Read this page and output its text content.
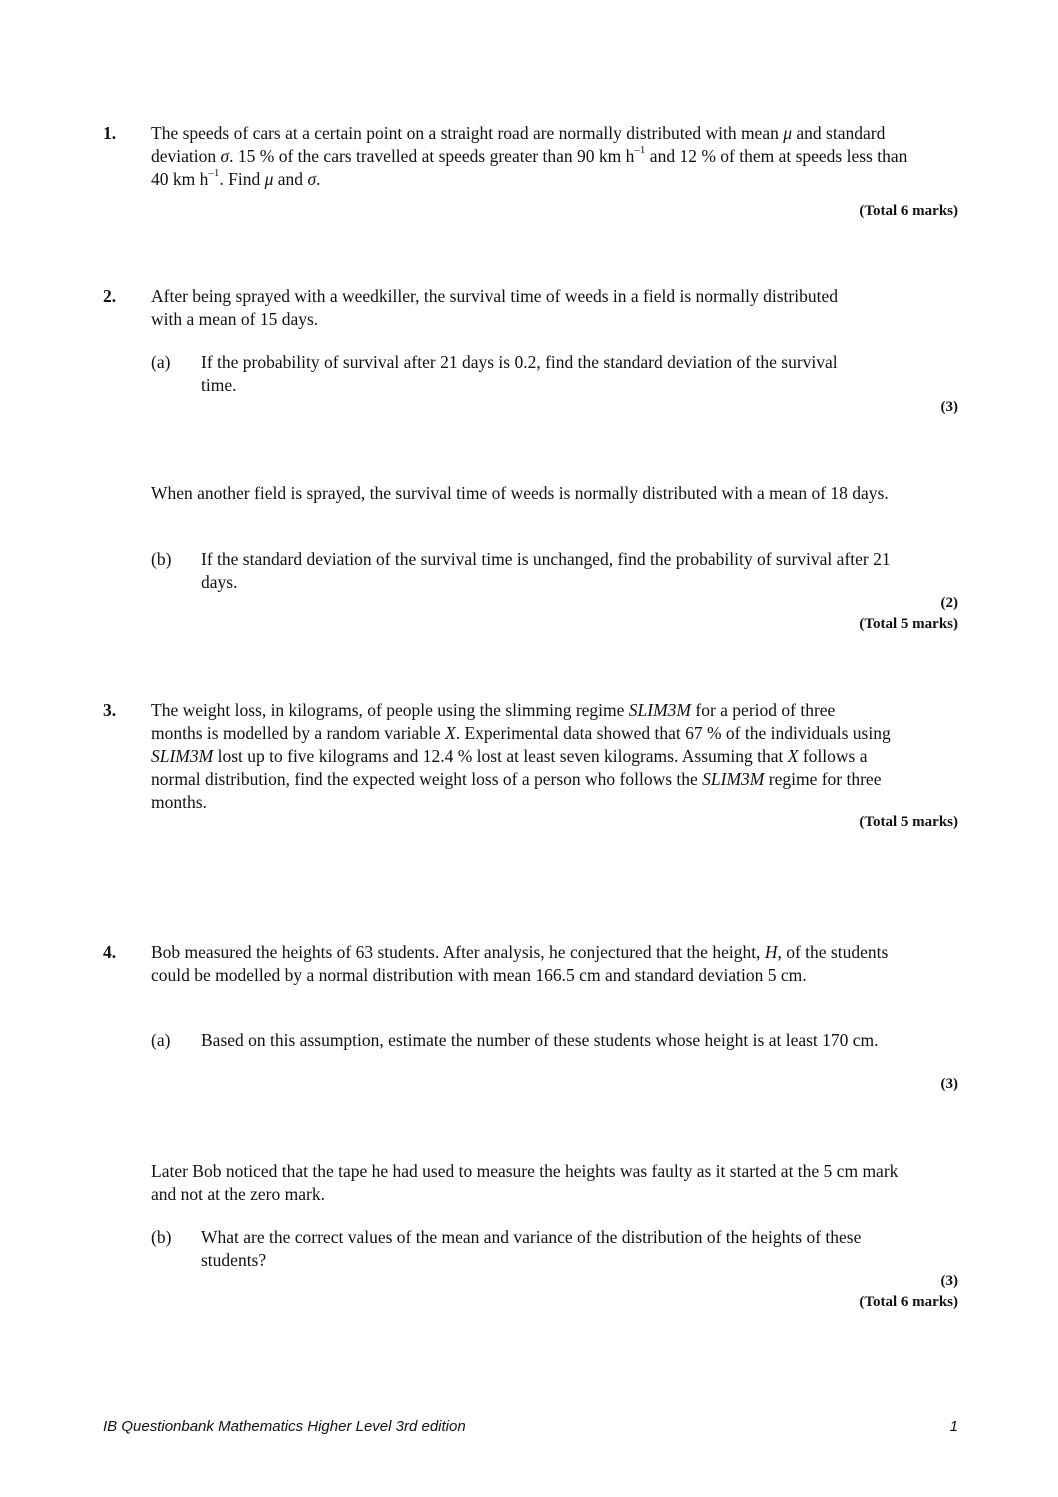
1. The speeds of cars at a certain point on a straight road are normally distributed with mean μ and standard deviation σ. 15 % of the cars travelled at speeds greater than 90 km $h^{-1}$ and 12 % of them at speeds less than 40 km $h^{-1}$. Find μ and σ.
(Total 6 marks)
2. After being sprayed with a weedkiller, the survival time of weeds in a field is normally distributed with a mean of 15 days.
(a) If the probability of survival after 21 days is 0.2, find the standard deviation of the survival time.
(3)
When another field is sprayed, the survival time of weeds is normally distributed with a mean of 18 days.
(b) If the standard deviation of the survival time is unchanged, find the probability of survival after 21 days.
(2)
(Total 5 marks)
3. The weight loss, in kilograms, of people using the slimming regime SLIM3M for a period of three months is modelled by a random variable X. Experimental data showed that 67 % of the individuals using SLIM3M lost up to five kilograms and 12.4 % lost at least seven kilograms. Assuming that X follows a normal distribution, find the expected weight loss of a person who follows the SLIM3M regime for three months.
(Total 5 marks)
4. Bob measured the heights of 63 students. After analysis, he conjectured that the height, H, of the students could be modelled by a normal distribution with mean 166.5 cm and standard deviation 5 cm.
(a) Based on this assumption, estimate the number of these students whose height is at least 170 cm.
(3)
Later Bob noticed that the tape he had used to measure the heights was faulty as it started at the 5 cm mark and not at the zero mark.
(b) What are the correct values of the mean and variance of the distribution of the heights of these students?
(3)
(Total 6 marks)
IB Questionbank Mathematics Higher Level 3rd edition	1
